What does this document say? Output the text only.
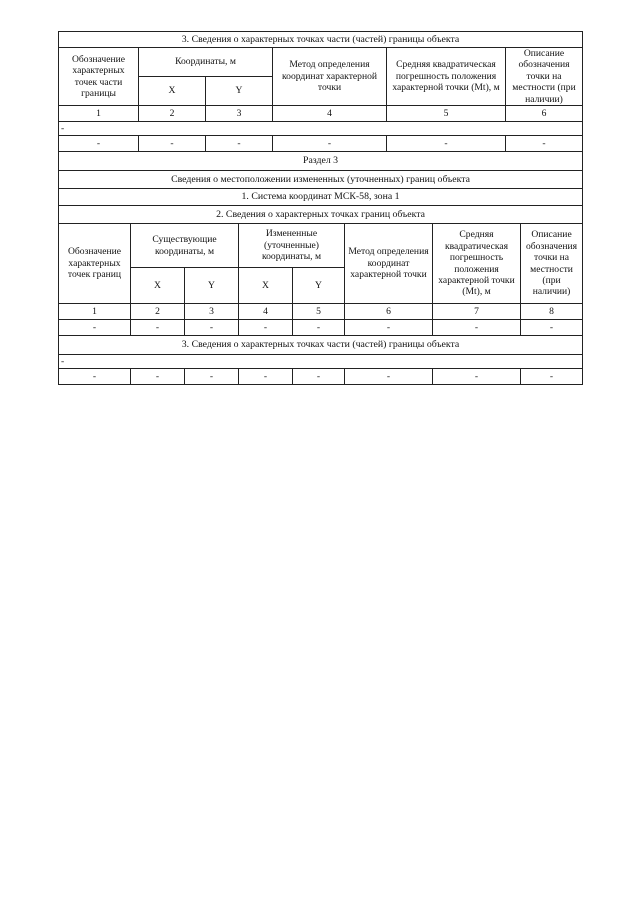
3. Сведения о характерных точках части (частей) границы объекта					
Обозначение характерных точек части границы	Координаты, м		Метод определения координат характерной точки	Средняя квадратическая погрешность положения характерной точки (Mt), м	Описание обозначения точки на местности (при наличии)
	X	Y			
1	2	3	4	5	6
-					
-	-	-	-	-	-
Раздел 3							
Сведения о местоположении измененных (уточненных) границ объекта							
1. Система координат МСК-58, зона 1							
2. Сведения о характерных точках границ объекта							
Обозначение характерных точек границ	Существующие координаты, м		Измененные (уточненные) координаты, м		Метод определения координат характерной точки	Средняя квадратическая погрешность положения характерной точки (Mt), м	Описание обозначения точки на местности (при наличии)
	X	Y	X	Y			
1	2	3	4	5	6	7	8
-	-	-	-	-	-	-	-
3. Сведения о характерных точках части (частей) границы объекта							
-							
-	-	-	-	-	-	-	-
